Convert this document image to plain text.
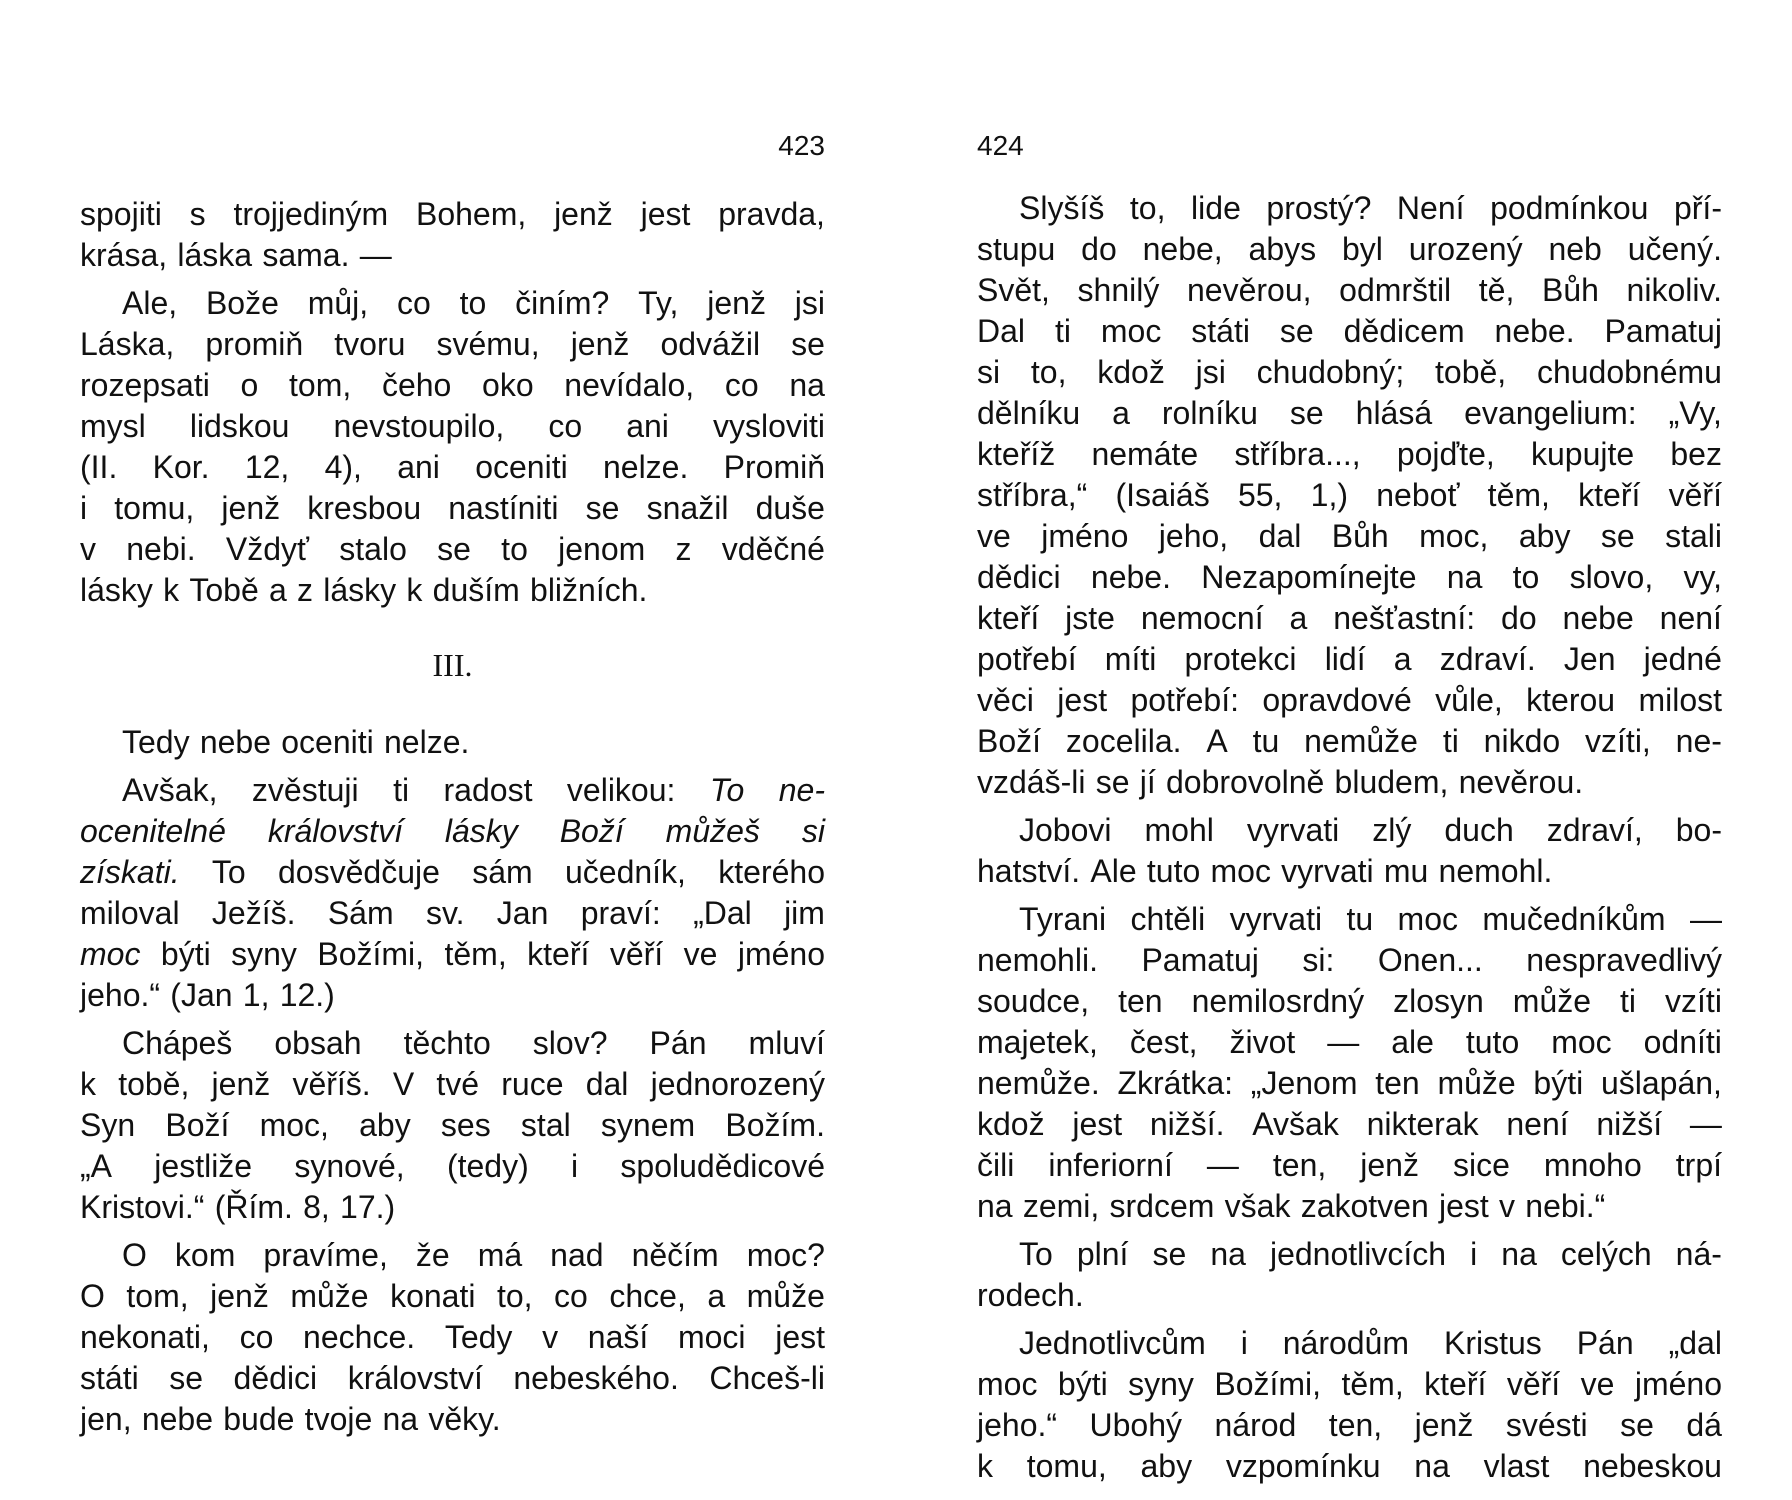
423
spojiti s trojjediným Bohem, jenž jest pravda,
krása, láska sama. —
Ale, Bože můj, co to činím? Ty, jenž jsi
Láska, promiň tvoru svému, jenž odvážil se
rozepsati o tom, čeho oko nevídalo, co na
mysl lidskou nevstoupilo, co ani vysloviti
(II. Kor. 12, 4), ani oceniti nelze. Promiň
i tomu, jenž kresbou nastíniti se snažil duše
v nebi. Vždyť stalo se to jenom z vděčné
lásky k Tobě a z lásky k duším bližních.
III.
Tedy nebe oceniti nelze.
Avšak, zvěstuji ti radost velikou: To ne-
ocenitelné království lásky Boží můžeš si
získati. To dosvědčuje sám učedník, kterého
miloval Ježíš. Sám sv. Jan praví: „Dal jim
moc býti syny Božími, těm, kteří věří ve jméno
jeho.“ (Jan 1, 12.)
Chápeš obsah těchto slov? Pán mluví
k tobě, jenž věříš. V tvé ruce dal jednorozený
Syn Boží moc, aby ses stal synem Božím.
„A jestliže synové, (tedy) i spoludědicové
Kristovi.“ (Řím. 8, 17.)
O kom pravíme, že má nad něčím moc?
O tom, jenž může konati to, co chce, a může
nekonati, co nechce. Tedy v naší moci jest
státi se dědici království nebeského. Chceš-li
jen, nebe bude tvoje na věky.
424
Slyšíš to, lide prostý? Není podmínkou pří-
stupu do nebe, abys byl urozený neb učený.
Svět, shnilý nevěrou, odmrštil tě, Bůh nikoliv.
Dal ti moc státi se dědicem nebe. Pamatuj
si to, kdož jsi chudobný; tobě, chudobnému
dělníku a rolníku se hlásá evangelium: „Vy,
kteříž nemáte stříbra..., pojďte, kupujte bez
stříbra,“ (Isaiáš 55, 1,) neboť těm, kteří věří
ve jméno jeho, dal Bůh moc, aby se stali
dědici nebe. Nezapomínejte na to slovo, vy,
kteří jste nemocní a nešťastní: do nebe není
potřebí míti protekci lidí a zdraví. Jen jedné
věci jest potřebí: opravdové vůle, kterou milost
Boží zocelila. A tu nemůže ti nikdo vzíti, ne-
vzdáš-li se jí dobrovolně bludem, nevěrou.
Jobovi mohl vyrvati zlý duch zdraví, bo-
hatství. Ale tuto moc vyrvati mu nemohl.
Tyrani chtěli vyrvati tu moc mučedníkům —
nemohli. Pamatuj si: Onen... nespravedlivý
soudce, ten nemilosrdný zlosyn může ti vzíti
majetek, čest, život — ale tuto moc odníti
nemůže. Zkrátka: „Jenom ten může býti ušlapán,
kdož jest nižší. Avšak nikterak není nižší —
čili inferiorní — ten, jenž sice mnoho trpí
na zemi, srdcem však zakotven jest v nebi.“
To plní se na jednotlivcích i na celých ná-
rodech.
Jednotlivcům i národům Kristus Pán „dal
moc býti syny Božími, těm, kteří věří ve jméno
jeho.“ Ubohý národ ten, jenž svésti se dá
k tomu, aby vzpomínku na vlast nebeskou
